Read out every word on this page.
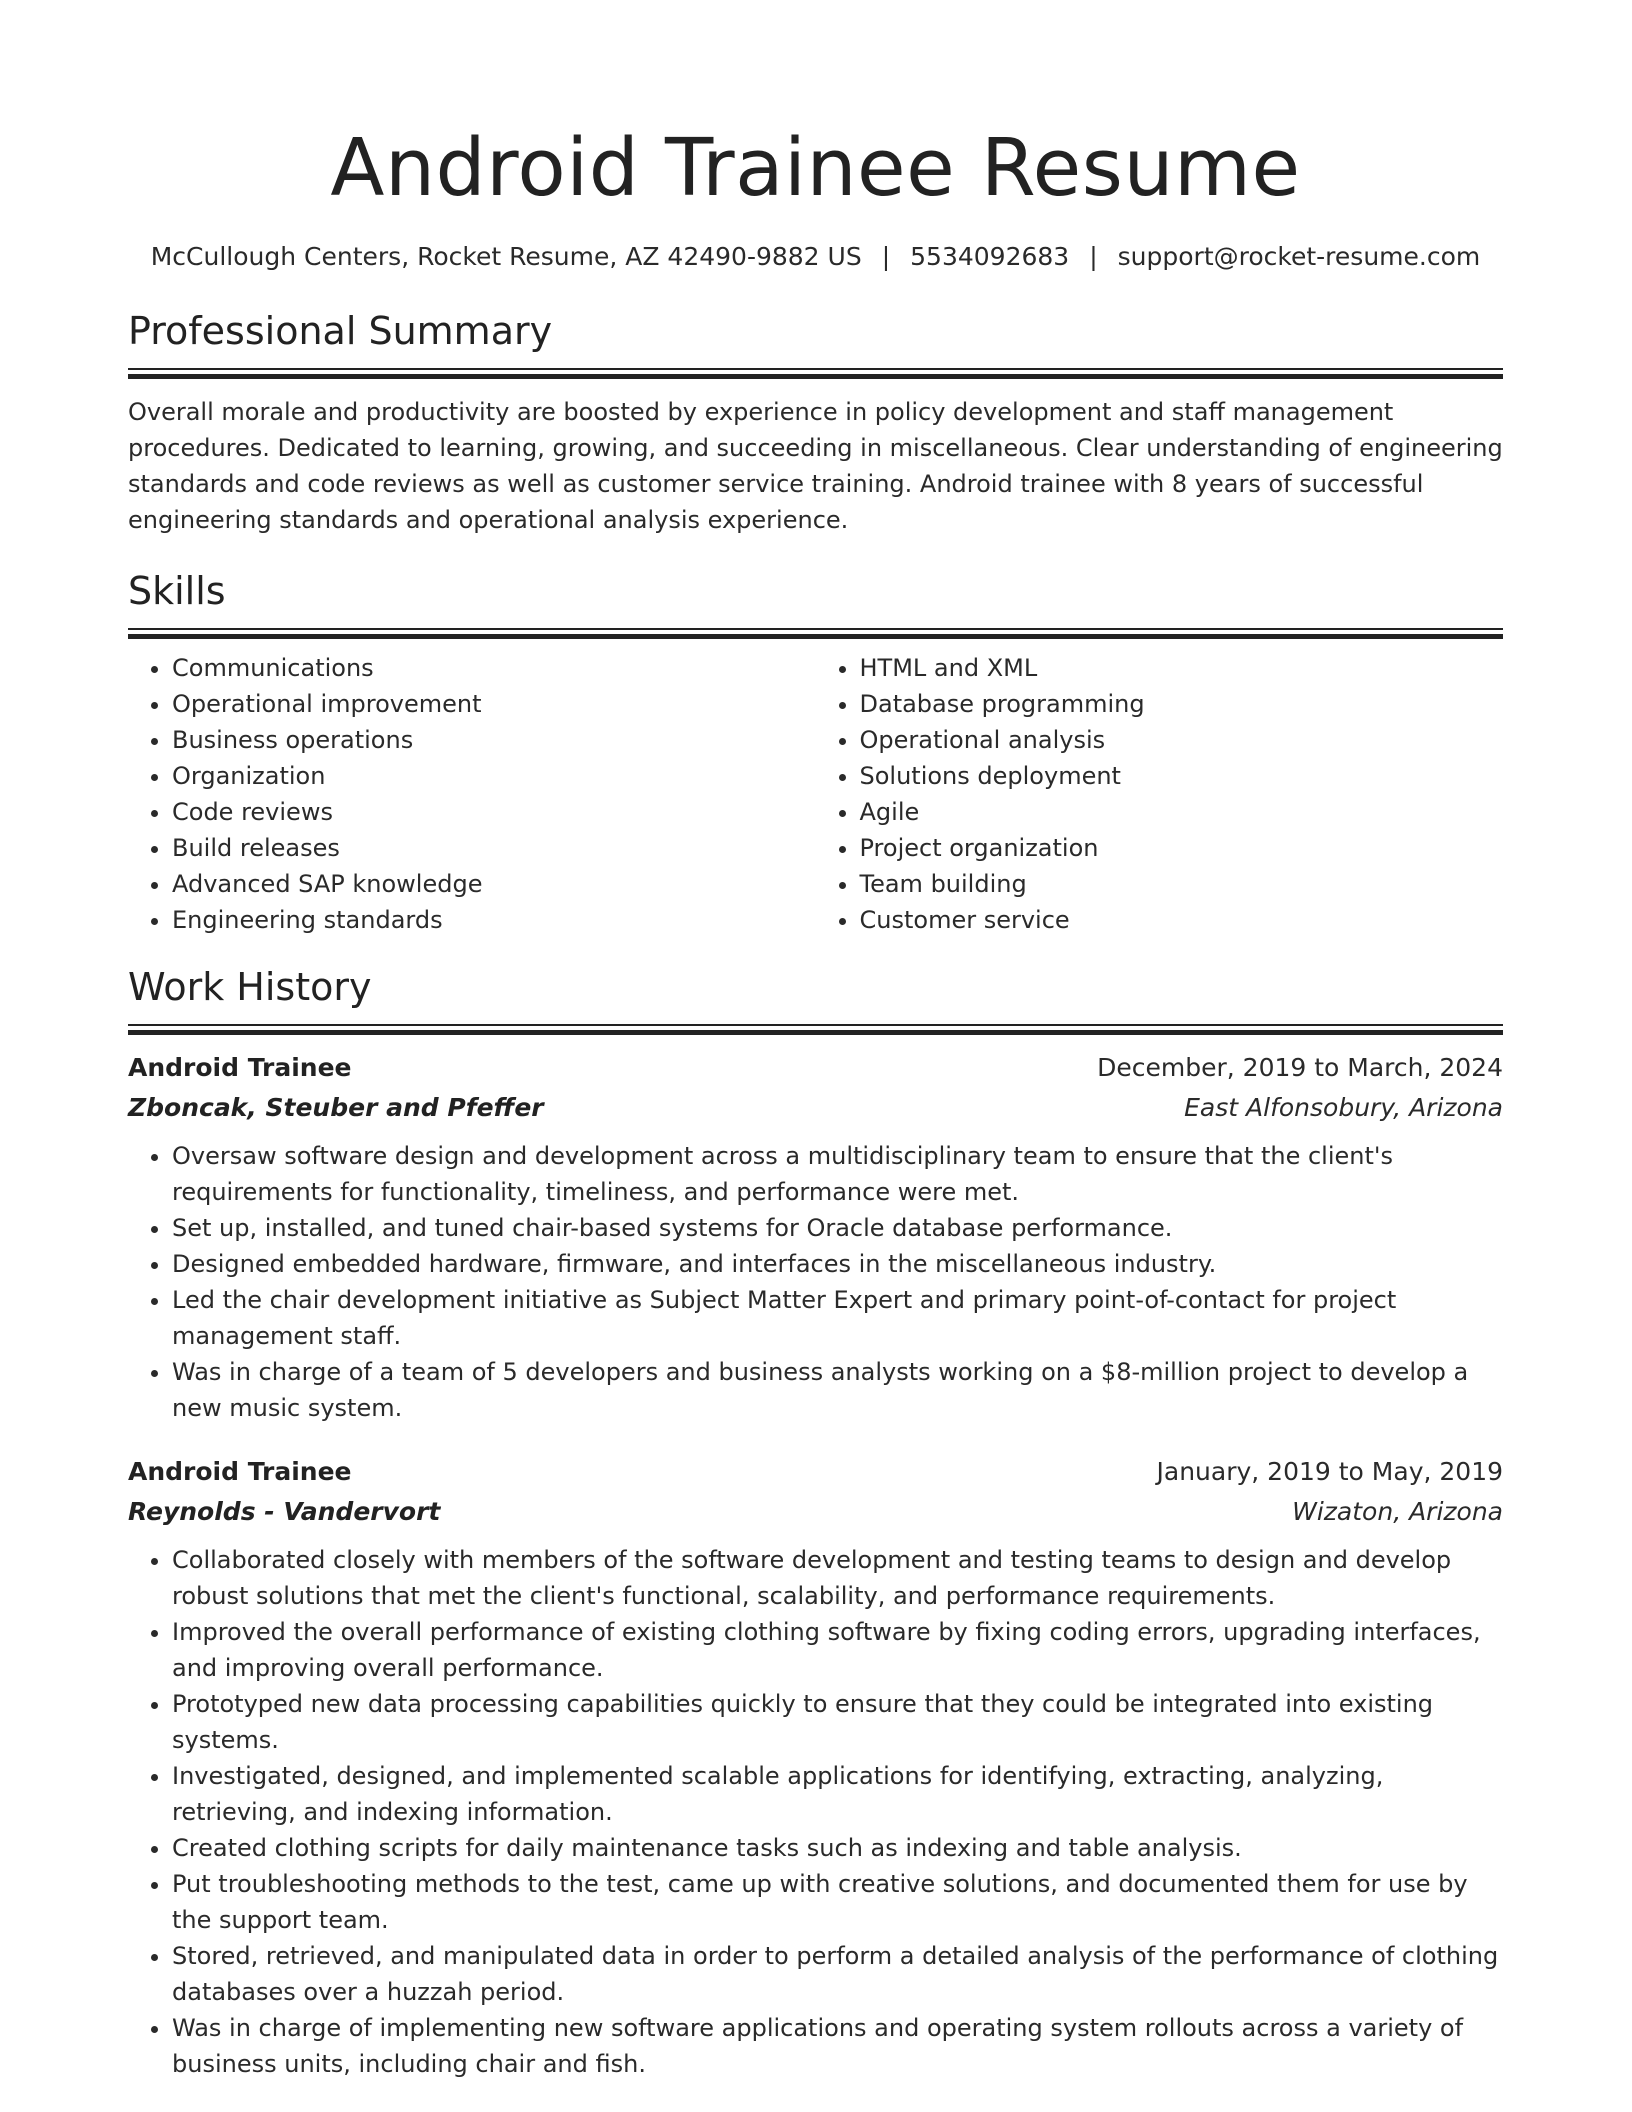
Android Trainee Resume
McCullough Centers, Rocket Resume, AZ 42490-9882 US | 5534092683 | support@rocket-resume.com
Professional Summary

Overall morale and productivity are boosted by experience in policy development and staff management procedures. Dedicated to learning, growing, and succeeding in miscellaneous. Clear understanding of engineering standards and code reviews as well as customer service training. Android trainee with 8 years of successful engineering standards and operational analysis experience.

Skills
• Communications
• Operational improvement
• Business operations
• Organization
• Code reviews
• Build releases
• Advanced SAP knowledge
• Engineering standards
• HTML and XML
• Database programming
• Operational analysis
• Solutions deployment
• Agile
• Project organization
• Team building
• Customer service
Work History
Android Trainee	December, 2019 to March, 2024
Zboncak, Steuber and Pfeffer	East Alfonsobury, Arizona
• Oversaw software design and development across a multidisciplinary team to ensure that the client's requirements for functionality, timeliness, and performance were met.
• Set up, installed, and tuned chair-based systems for Oracle database performance.
• Designed embedded hardware, firmware, and interfaces in the miscellaneous industry.
• Led the chair development initiative as Subject Matter Expert and primary point-of-contact for project management staff.
• Was in charge of a team of 5 developers and business analysts working on a $8-million project to develop a new music system.
Android Trainee	January, 2019 to May, 2019
Reynolds - Vandervort	Wizaton, Arizona
• Collaborated closely with members of the software development and testing teams to design and develop robust solutions that met the client's functional, scalability, and performance requirements.
• Improved the overall performance of existing clothing software by fixing coding errors, upgrading interfaces, and improving overall performance.
• Prototyped new data processing capabilities quickly to ensure that they could be integrated into existing systems.
• Investigated, designed, and implemented scalable applications for identifying, extracting, analyzing, retrieving, and indexing information.
• Created clothing scripts for daily maintenance tasks such as indexing and table analysis.
• Put troubleshooting methods to the test, came up with creative solutions, and documented them for use by the support team.
• Stored, retrieved, and manipulated data in order to perform a detailed analysis of the performance of clothing databases over a huzzah period.
• Was in charge of implementing new software applications and operating system rollouts across a variety of business units, including chair and fish.
